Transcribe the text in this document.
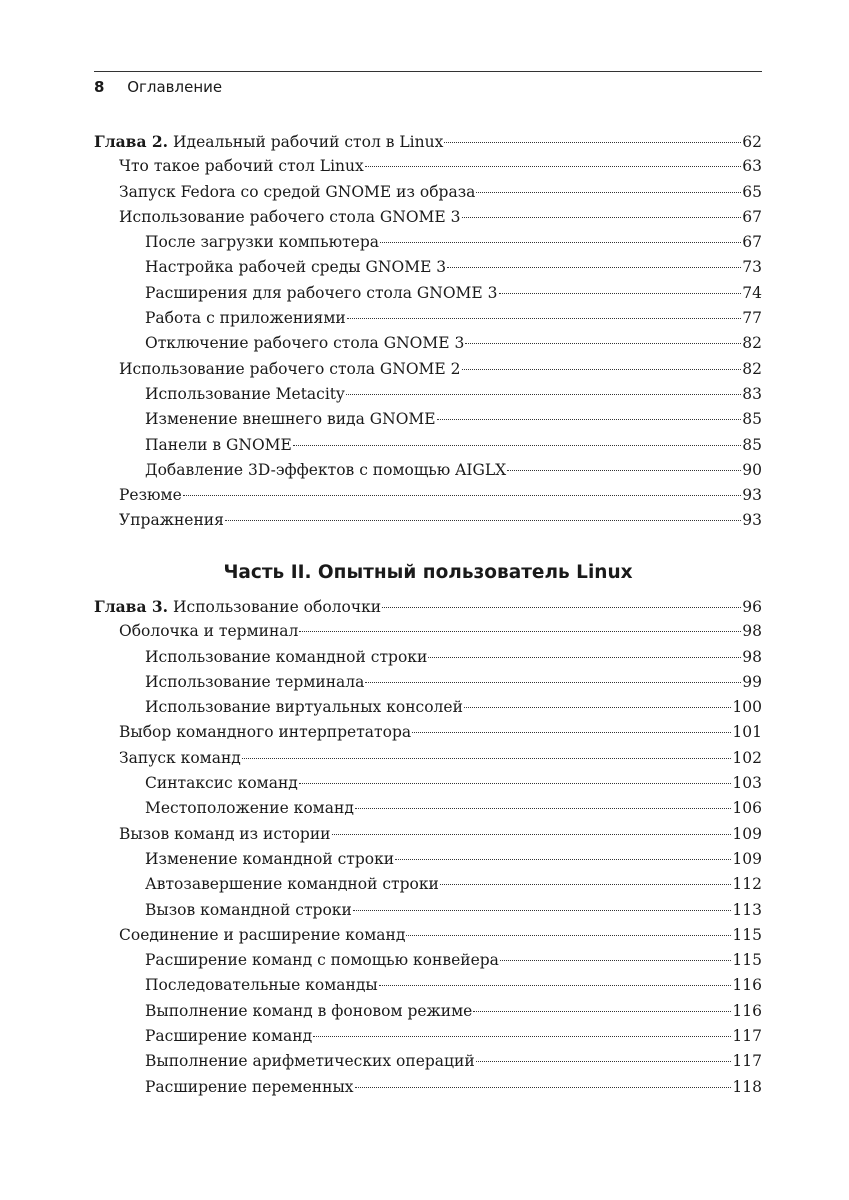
8 Оглавление
Глава 2. Идеальный рабочий стол в Linux	62
Что такое рабочий стол Linux	63
Запуск Fedora со средой GNOME из образа	65
Использование рабочего стола GNOME 3	67
После загрузки компьютера	67
Настройка рабочей среды GNOME 3	73
Расширения для рабочего стола GNOME 3	74
Работа с приложениями	77
Отключение рабочего стола GNOME 3	82
Использование рабочего стола GNOME 2	82
Использование Metacity	83
Изменение внешнего вида GNOME	85
Панели в GNOME	85
Добавление 3D-эффектов с помощью AIGLX	90
Резюме	93
Упражнения	93
Часть II. Опытный пользователь Linux
Глава 3. Использование оболочки	96
Оболочка и терминал	98
Использование командной строки	98
Использование терминала	99
Использование виртуальных консолей	100
Выбор командного интерпретатора	101
Запуск команд	102
Синтаксис команд	103
Местоположение команд	106
Вызов команд из истории	109
Изменение командной строки	109
Автозавершение командной строки	112
Вызов командной строки	113
Соединение и расширение команд	115
Расширение команд с помощью конвейера	115
Последовательные команды	116
Выполнение команд в фоновом режиме	116
Расширение команд	117
Выполнение арифметических операций	117
Расширение переменных	118
